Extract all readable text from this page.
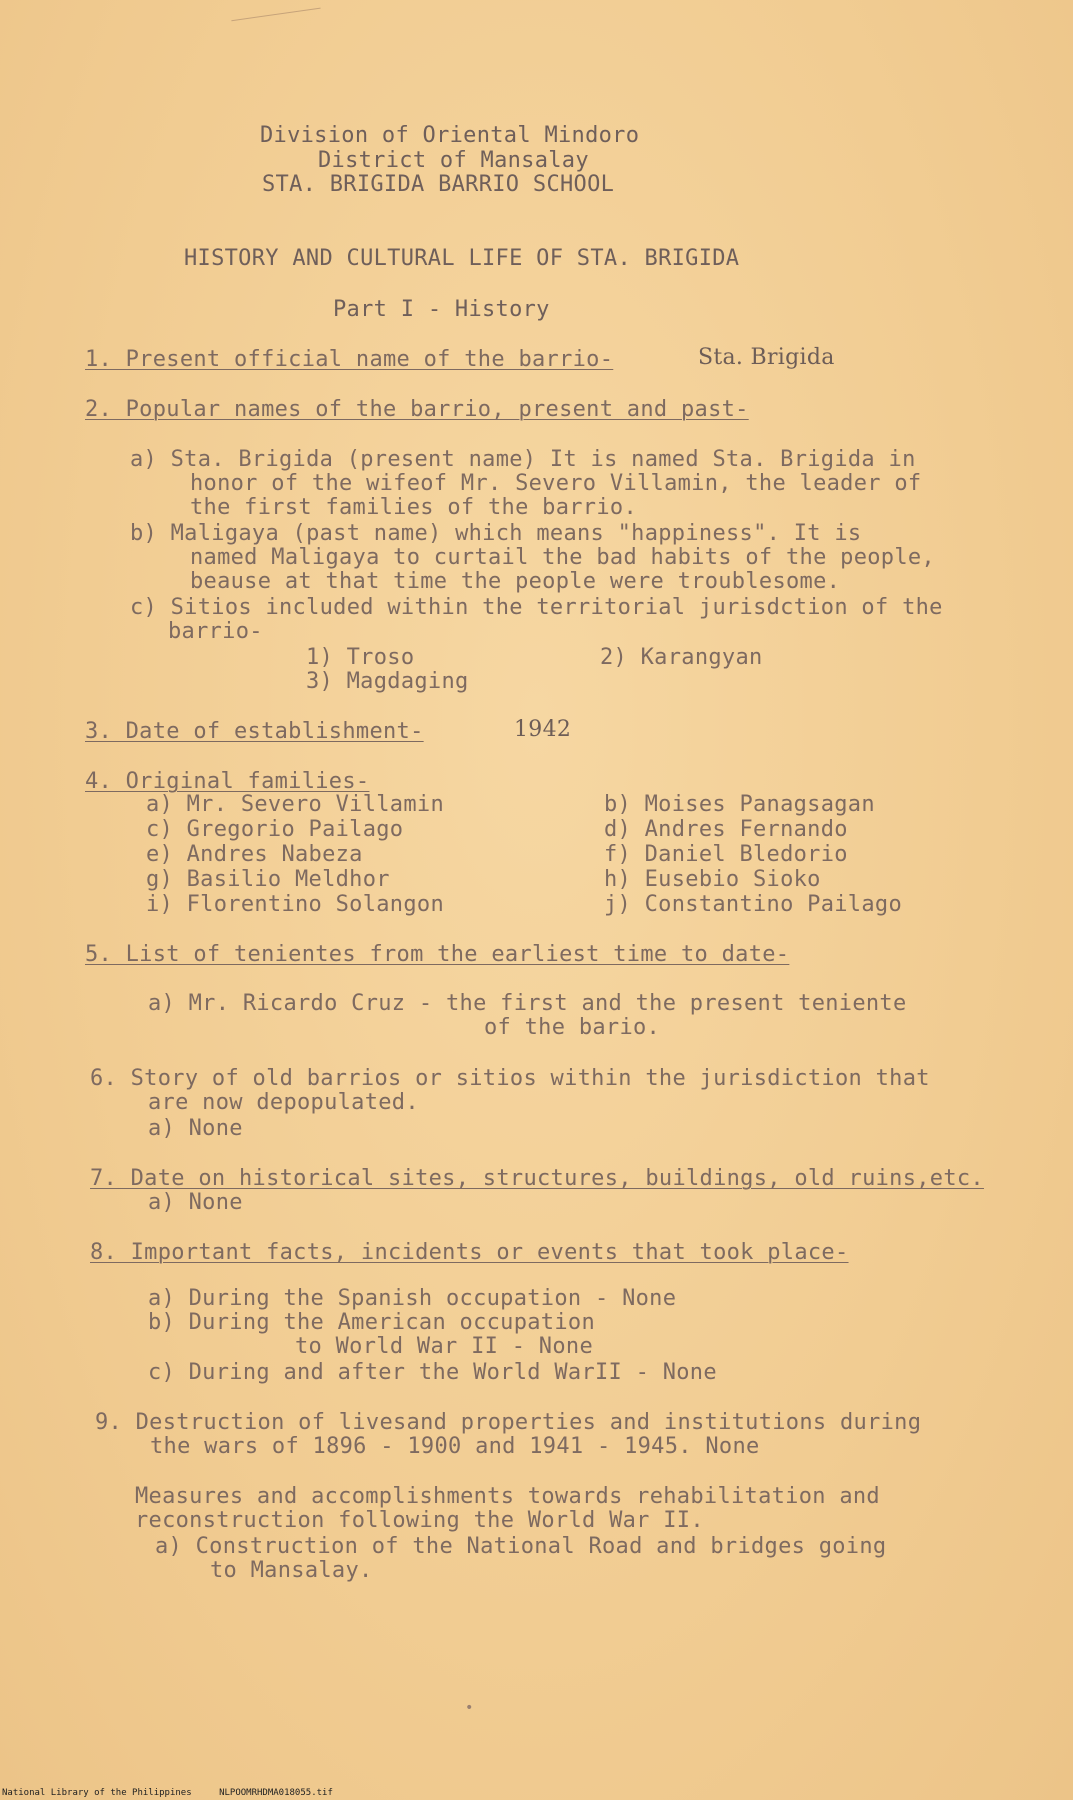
Division of Oriental Mindoro
District of Mansalay
STA. BRIGIDA BARRIO SCHOOL
HISTORY AND CULTURAL LIFE OF STA. BRIGIDA
Part I - History
1. Present official name of the barrio-	Sta. Brigida
2. Popular names of the barrio, present and past-
a) Sta. Brigida (present name) It is named Sta. Brigida in
honor of the wifeof Mr. Severo Villamin, the leader of
the first families of the barrio.
b) Maligaya (past name) which means "happiness". It is
named Maligaya to curtail the bad habits of the people,
beause at that time the people were troublesome.
c) Sitios included within the territorial jurisdction of the
barrio-
1) Troso	2) Karangyan
3) Magdaging
3. Date of establishment-	1942
4. Original families-
a) Mr. Severo Villamin	b) Moises Panagsagan
c) Gregorio Pailago	d) Andres Fernando
e) Andres Nabeza	f) Daniel Bledorio
g) Basilio Meldhor	h) Eusebio Sioko
i) Florentino Solangon	j) Constantino Pailago
5. List of tenientes from the earliest time to date-
a) Mr. Ricardo Cruz - the first and the present teniente
of the bario.
6. Story of old barrios or sitios within the jurisdiction that
are now depopulated.
a) None
7. Date on historical sites, structures, buildings, old ruins,etc.
a) None
8. Important facts, incidents or events that took place-
a) During the Spanish occupation - None
b) During the American occupation
to World War II - None
c) During and after the World WarII - None
9. Destruction of livesand properties and institutions during
the wars of 1896 - 1900 and 1941 - 1945. None
Measures and accomplishments towards rehabilitation and
reconstruction following the World War II.
a) Construction of the National Road and bridges going
to Mansalay.
•
National Library of the Philippines	NLPOOMRHDMA018055.tif
